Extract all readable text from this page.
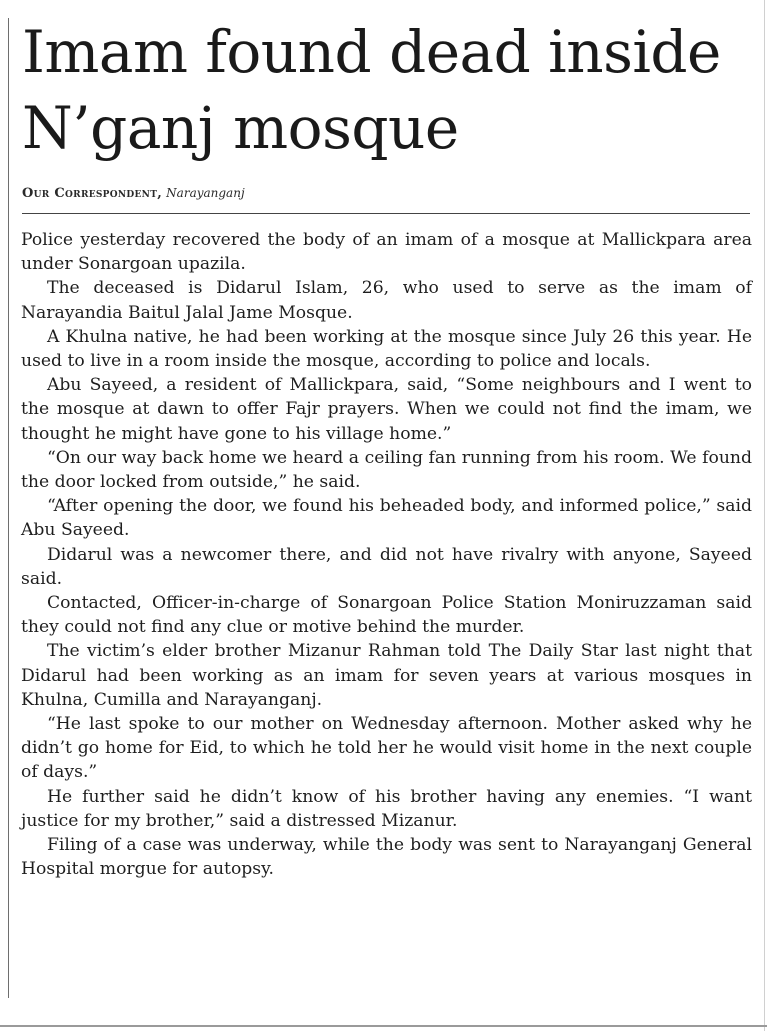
Imam found dead inside N’ganj mosque
Our Correspondent, Narayanganj

Police yesterday recovered the body of an imam of a mosque at Mallickpara area under Sonargoan upazila.

The deceased is Didarul Islam, 26, who used to serve as the imam of Narayandia Baitul Jalal Jame Mosque.

A Khulna native, he had been working at the mosque since July 26 this year. He used to live in a room inside the mosque, according to police and locals.

Abu Sayeed, a resident of Mallickpara, said, “Some neighbours and I went to the mosque at dawn to offer Fajr prayers. When we could not find the imam, we thought he might have gone to his village home.”

“On our way back home we heard a ceiling fan running from his room. We found the door locked from outside,” he said.

“After opening the door, we found his beheaded body, and informed police,” said Abu Sayeed.

Didarul was a newcomer there, and did not have rivalry with anyone, Sayeed said.

Contacted, Officer-in-charge of Sonargoan Police Station Moniruzzaman said they could not find any clue or motive behind the murder.

The victim’s elder brother Mizanur Rahman told The Daily Star last night that Didarul had been working as an imam for seven years at various mosques in Khulna, Cumilla and Narayanganj.

“He last spoke to our mother on Wednesday afternoon. Mother asked why he didn’t go home for Eid, to which he told her he would visit home in the next couple of days.”

He further said he didn’t know of his brother having any enemies. “I want justice for my brother,” said a distressed Mizanur.

Filing of a case was underway, while the body was sent to Narayanganj General Hospital morgue for autopsy.
